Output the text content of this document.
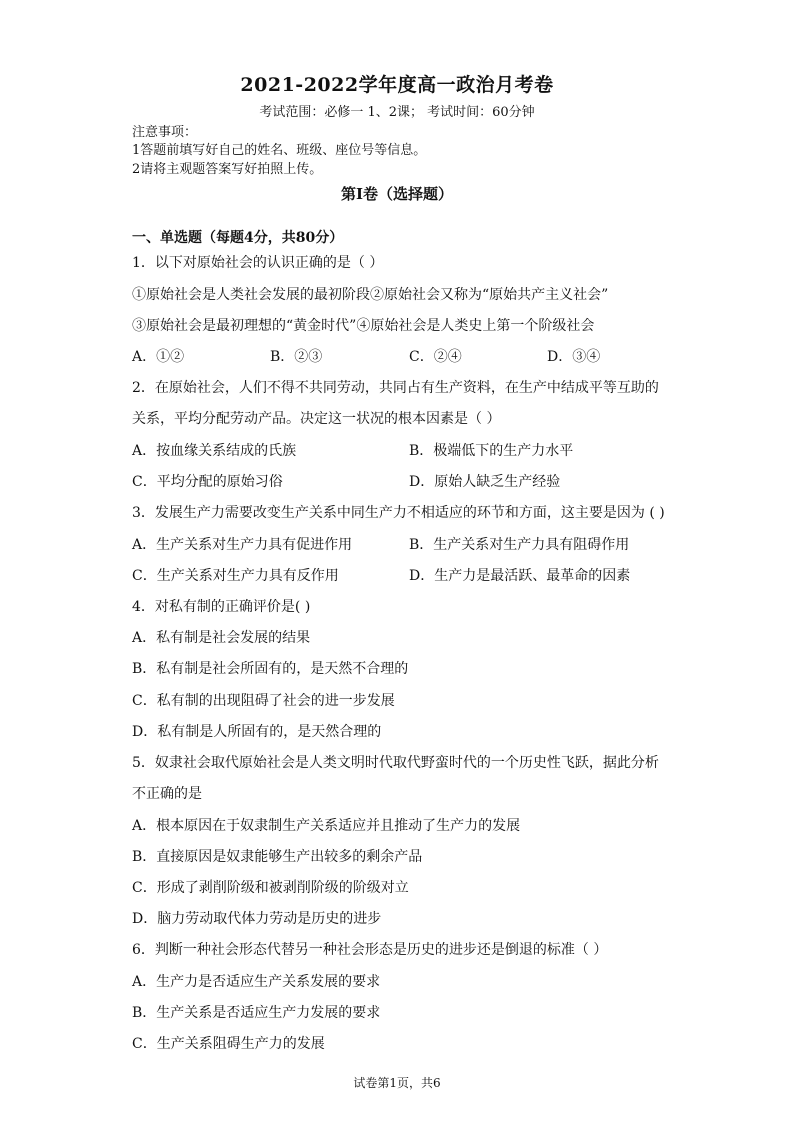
2021-2022学年度高一政治月考卷
考试范围：必修一 1、2课； 考试时间：60分钟
注意事项：
1答题前填写好自己的姓名、班级、座位号等信息。
2请将主观题答案写好拍照上传。
第I卷（选择题）
一、单选题（每题4分，共80分）
1．以下对原始社会的认识正确的是（ ）
①原始社会是人类社会发展的最初阶段②原始社会又称为“原始共产主义社会”
③原始社会是最初理想的“黄金时代”④原始社会是人类史上第一个阶级社会
A．①②	B．②③	C．②④	D．③④
2．在原始社会，人们不得不共同劳动，共同占有生产资料，在生产中结成平等互助的
关系，平均分配劳动产品。决定这一状况的根本因素是（ ）
A．按血缘关系结成的氏族	B．极端低下的生产力水平
C．平均分配的原始习俗	D．原始人缺乏生产经验
3．发展生产力需要改变生产关系中同生产力不相适应的环节和方面，这主要是因为 ( )
A．生产关系对生产力具有促进作用	B．生产关系对生产力具有阻碍作用
C．生产关系对生产力具有反作用	D．生产力是最活跃、最革命的因素
4．对私有制的正确评价是( )
A．私有制是社会发展的结果
B．私有制是社会所固有的，是天然不合理的
C．私有制的出现阻碍了社会的进一步发展
D．私有制是人所固有的，是天然合理的
5．奴隶社会取代原始社会是人类文明时代取代野蛮时代的一个历史性飞跃，据此分析
不正确的是
A．根本原因在于奴隶制生产关系适应并且推动了生产力的发展
B．直接原因是奴隶能够生产出较多的剩余产品
C．形成了剥削阶级和被剥削阶级的阶级对立
D．脑力劳动取代体力劳动是历史的进步
6．判断一种社会形态代替另一种社会形态是历史的进步还是倒退的标准（ ）
A．生产力是否适应生产关系发展的要求
B．生产关系是否适应生产力发展的要求
C．生产关系阻碍生产力的发展
试卷第1页，共6
